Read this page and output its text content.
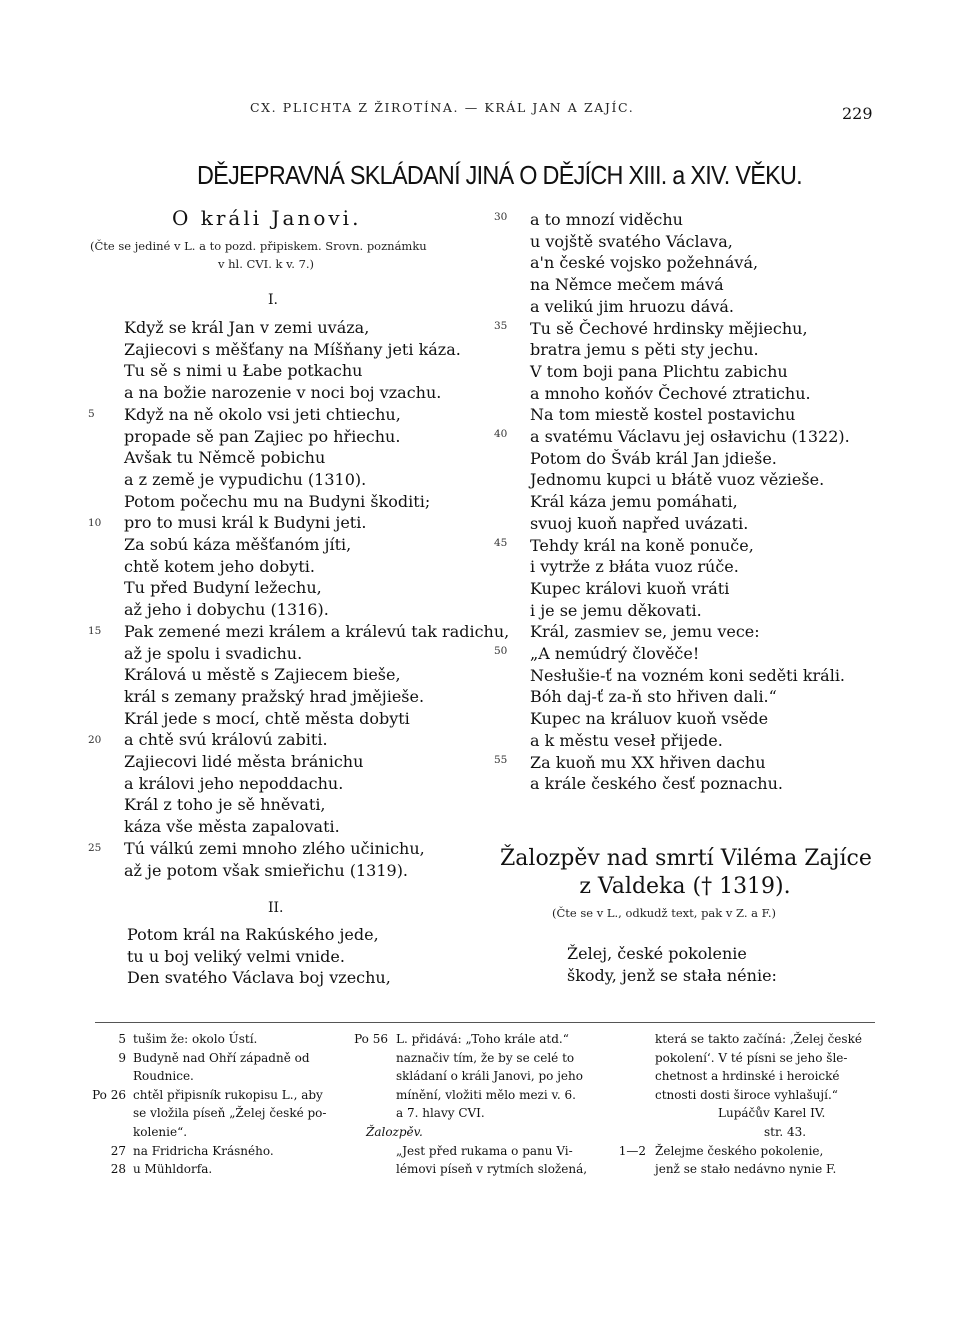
CX. PLICHTA Z ŽIROTÍNA. — KRÁL JAN A ZAJÍC.	229
DĚJEPRAVNÁ SKLÁDANÍ JINÁ O DĚJÍCH XIII. a XIV. VĚKU.
O králi Janovi.
(Čte se jediné v L. a to pozd. připiskem. Srovn. poznámku
v hl. CVI. k v. 7.)
I.
Když se král Jan v zemi uváza,
Zajiecovi s měšťany na Míšňany jeti káza.
Tu sě s nimi u Łabe potkachu
a na božie narozenie v noci boj vzachu.
Když na ně okolo vsi jeti chtiechu,
propade sě pan Zajiec po hřiechu.
Avšak tu Němcě pobichu
a z země je vypudichu (1310).
Potom počechu mu na Budyni škoditi;
pro to musi král k Budyni jeti.
Za sobú káza měšťanóm jíti,
chtě kotem jeho dobyti.
Tu před Budyní ležechu,
až jeho i dobychu (1316).
Pak zemené mezi králem a králevú tak radichu,
až je spolu i svadichu.
Králová u městě s Zajiecem bieše,
král s zemany pražský hrad jmějieše.
Král jede s mocí, chtě města dobyti
a chtě svú královú zabiti.
Zajiecovi lidé města bránichu
a královi jeho nepoddachu.
Král z toho je sě hněvati,
káza vše města zapalovati.
Tú válkú zemi mnoho zlého učinichu,
až je potom však smieřichu (1319).
5
10
15
20
25
II.
Potom král na Rakúského jede,
tu u boj veliký velmi vnide.
Den svatého Václava boj vzechu,
a to mnozí viděchu
u vojště svatého Václava,
a'n české vojsko požehnává,
na Němce mečem mává
a velikú jim hruozu dává.
Tu sě Čechové hrdinsky mějiechu,
bratra jemu s pěti sty jechu.
V tom boji pana Plichtu zabichu
a mnoho koňóv Čechové ztratichu.
Na tom miestě kostel postavichu
a svatému Václavu jej osłavichu (1322).
Potom do Šváb král Jan jdieše.
Jednomu kupci u błátě vuoz vězieše.
Král káza jemu pomáhati,
svuoj kuoň napřed uvázati.
Tehdy král na koně ponuče,
i vytrže z błáta vuoz rúče.
Kupec královi kuoň vráti
i je se jemu děkovati.
Král, zasmiev se, jemu vece:
„A nemúdrý člověče!
Nesłušie-ť na vozném koni seděti králi.
Bóh daj-ť za-ň sto hřiven dali.“
Kupec na králuov kuoň vsěde
a k městu veseł přijede.
Za kuoň mu XX hřiven dachu
a krále českého česť poznachu.
30
35
40
45
50
55
Žalozpěv nad smrtí Viléma Zajíce
z Valdeka († 1319).
(Čte se v L., odkudž text, pak v Z. a F.)
Želej, české pokolenie
škody, jenž se stała nénie:
5 tušim že: okolo Ústí.
9 Budyně nad Ohří západně od
Roudnice.
Po 26 chtěl připisník rukopisu L., aby
se vložila píseň „Želej české po-
kolenie“.
27 na Fridricha Krásného.
28 u Mühldorfa.
Po 56 L. přidává: „Toho krále atd.“
naznačiv tím, že by se celé to
skládaní o králi Janovi, po jeho
mínění, vložiti mělo mezi v. 6.
a 7. hlavy CVI.
Žalozpěv.
„Jest před rukama o panu Vi-
lémovi píseň v rytmích složená,
která se takto začíná: ‚Želej české
pokolení‘. V té písni se jeho šle-
chetnost a hrdinské i heroické
ctnosti dosti široce vyhlašují.“
Lupáčův Karel IV.
str. 43.
1—2 Želejme českého pokolenie,
jenž se stało nedávno nynie F.
